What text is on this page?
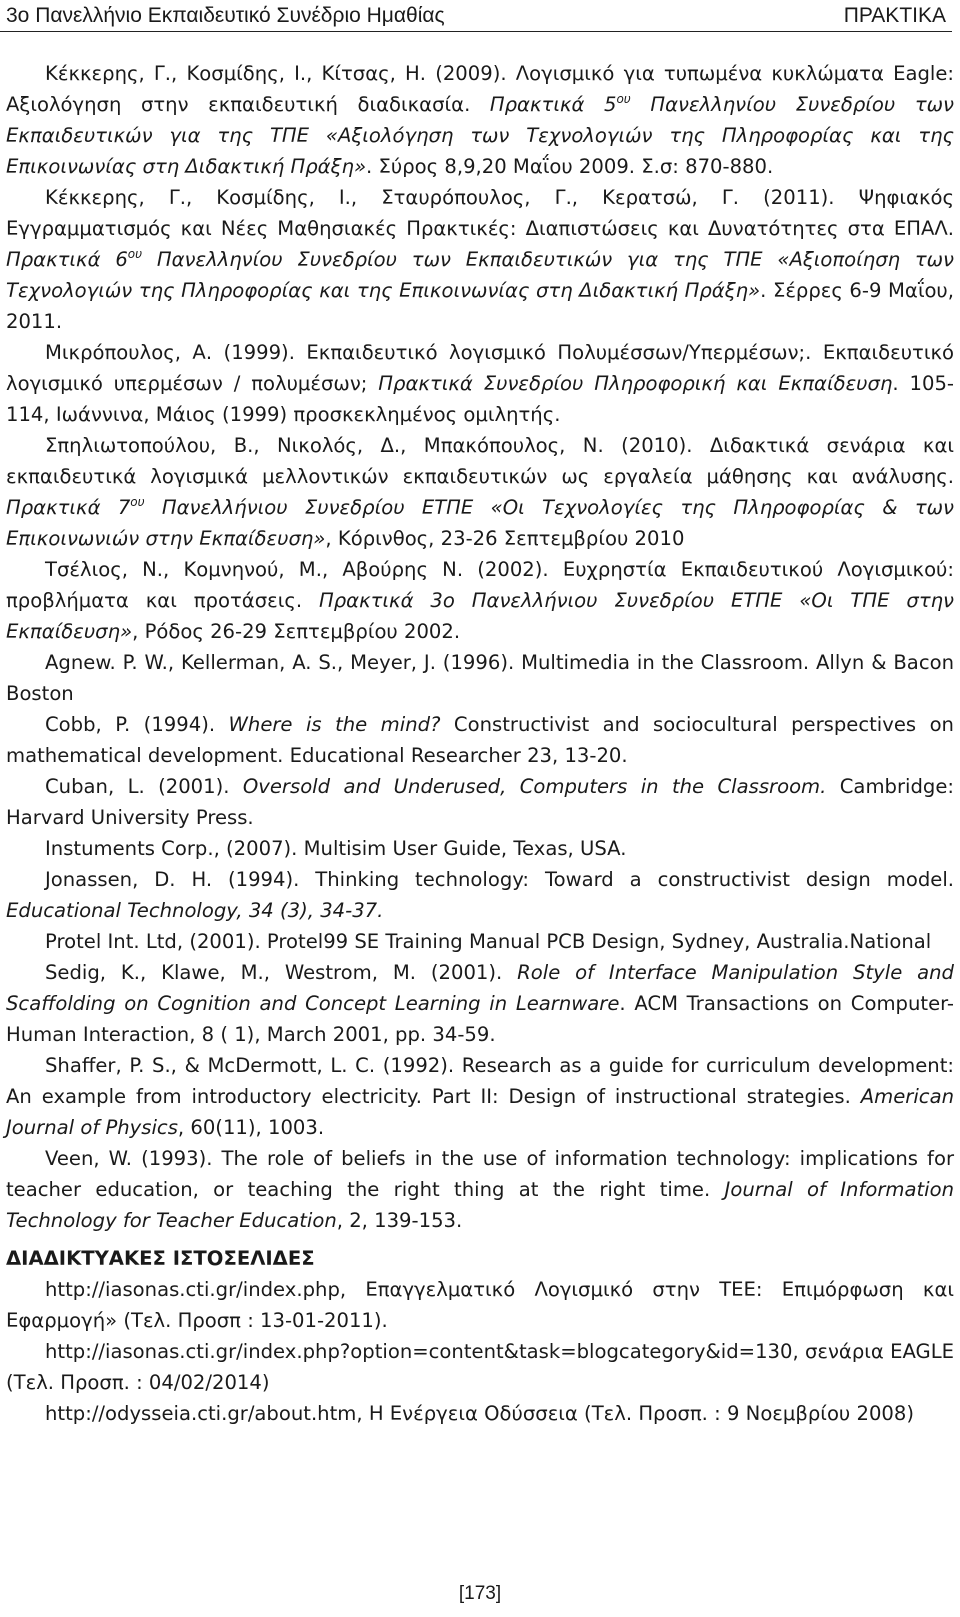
3ο Πανελλήνιο Εκπαιδευτικό Συνέδριο Ημαθίας	ΠΡΑΚΤΙΚΑ

Κέκκερης, Γ., Κοσμίδης, Ι., Κίτσας, Η. (2009). Λογισμικό για τυπωμένα κυκλώματα Eagle: Αξιολόγηση στην εκπαιδευτική διαδικασία. Πρακτικά $5^{o\upsilon}$ Πανελληνίου Συνεδρίου των Εκπαιδευτικών για της ΤΠΕ «Αξιολόγηση των Τεχνολογιών της Πληροφορίας και της Επικοινωνίας στη Διδακτική Πράξη». Σύρος 8,9,20 Μαΐου 2009. Σ.σ: 870-880.

Κέκκερης, Γ., Κοσμίδης, Ι., Σταυρόπουλος, Γ., Κερατσώ, Γ. (2011). Ψηφιακός Εγγραμματισμός και Νέες Μαθησιακές Πρακτικές: Διαπιστώσεις και Δυνατότητες στα ΕΠΑΛ. Πρακτικά $6^{o\upsilon}$ Πανελληνίου Συνεδρίου των Εκπαιδευτικών για της ΤΠΕ «Αξιοποίηση των Τεχνολογιών της Πληροφορίας και της Επικοινωνίας στη Διδακτική Πράξη». Σέρρες 6-9 Μαΐου, 2011.

Μικρόπουλος, Α. (1999). Εκπαιδευτικό λογισμικό Πολυμέσσων/Υπερμέσων;. Εκπαιδευτικό λογισμικό υπερμέσων / πολυμέσων; Πρακτικά Συνεδρίου Πληροφορική και Εκπαίδευση. 105-114, Ιωάννινα, Μάιος (1999) προσκεκλημένος ομιλητής.

Σπηλιωτοπούλου, Β., Νικολός, Δ., Μπακόπουλος, Ν. (2010). Διδακτικά σενάρια και εκπαιδευτικά λογισμικά μελλοντικών εκπαιδευτικών ως εργαλεία μάθησης και ανάλυσης. Πρακτικά $7^{o\upsilon}$ Πανελλήνιου Συνεδρίου ΕΤΠΕ «Οι Τεχνολογίες της Πληροφορίας & των Επικοινωνιών στην Εκπαίδευση», Κόρινθος, 23-26 Σεπτεμβρίου 2010

Τσέλιος, Ν., Κομνηνού, Μ., Αβούρης Ν. (2002). Ευχρηστία Εκπαιδευτικού Λογισμικού: προβλήματα και προτάσεις. Πρακτικά 3ο Πανελλήνιου Συνεδρίου ΕΤΠΕ «Οι ΤΠΕ στην Εκπαίδευση», Ρόδος 26-29 Σεπτεμβρίου 2002.

Agnew. P. W., Kellerman, A. S., Meyer, J. (1996). Multimedia in the Classroom. Allyn & Bacon Boston

Cobb, P. (1994). Where is the mind? Constructivist and sociocultural perspectives on mathematical development. Educational Researcher 23, 13-20.

Cuban, L. (2001). Oversold and Underused, Computers in the Classroom. Cambridge: Harvard University Press.

Instuments Corp., (2007). Multisim User Guide, Texas, USA.

Jonassen, D. H. (1994). Thinking technology: Toward a constructivist design model. Educational Technology, 34 (3), 34-37.

Protel Int. Ltd, (2001). Protel99 SE Training Manual PCB Design, Sydney, Australia.National

Sedig, K., Klawe, M., Westrom, M. (2001). Role of Interface Manipulation Style and Scaffolding on Cognition and Concept Learning in Learnware. ACM Transactions on Computer-Human Interaction, 8 ( 1), March 2001, pp. 34-59.

Shaffer, P. S., & McDermott, L. C. (1992). Research as a guide for curriculum development: An example from introductory electricity. Part II: Design of instructional strategies. American Journal of Physics, 60(11), 1003.

Veen, W. (1993). The role of beliefs in the use of information technology: implications for teacher education, or teaching the right thing at the right time. Journal of Information Technology for Teacher Education, 2, 139-153.

ΔΙΑΔΙΚΤΥΑΚΕΣ ΙΣΤΟΣΕΛΙΔΕΣ

http://iasonas.cti.gr/index.php, Επαγγελματικό Λογισμικό στην ΤΕΕ: Επιμόρφωση και Εφαρμογή» (Τελ. Προσπ : 13-01-2011).

http://iasonas.cti.gr/index.php?option=content&task=blogcategory&id=130, σενάρια EAGLE (Τελ. Προσπ. : 04/02/2014)

http://odysseia.cti.gr/about.htm, Η Ενέργεια Οδύσσεια (Τελ. Προσπ. : 9 Νοεμβρίου 2008)

[173]
